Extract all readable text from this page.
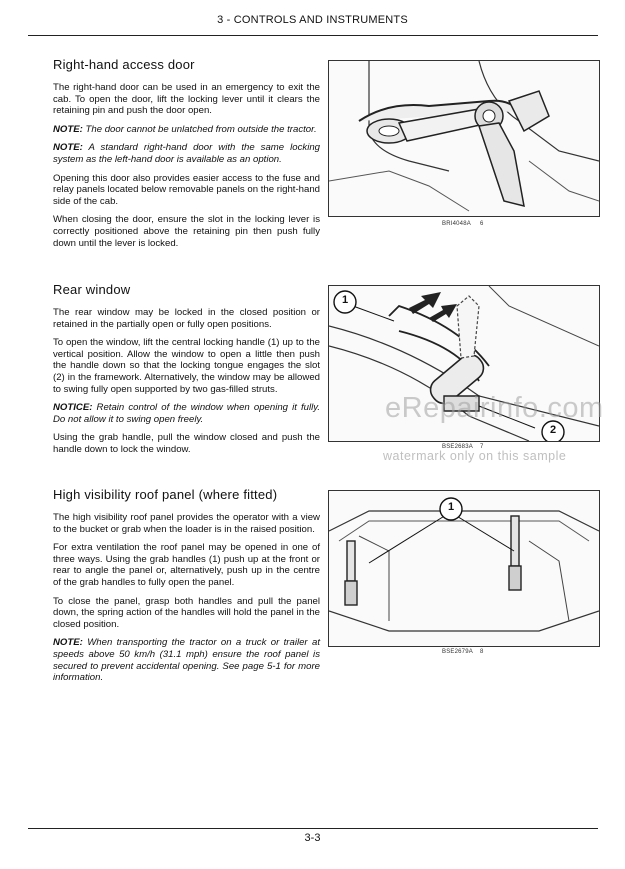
3 - CONTROLS AND INSTRUMENTS
Right-hand access door

The right-hand door can be used in an emergency to exit the cab. To open the door, lift the locking lever until it clears the retaining pin and push the door open.

NOTE: The door cannot be unlatched from outside the tractor.

NOTE: A standard right-hand door with the same locking system as the left-hand door is available as an option.

Opening this door also provides easier access to the fuse and relay panels located below removable panels on the right-hand side of the cab.

When closing the door, ensure the slot in the locking lever is correctly positioned above the retaining pin then push fully down until the lever is locked.

Rear window

The rear window may be locked in the closed position or retained in the partially open or fully open positions.

To open the window, lift the central locking handle (1) up to the vertical position. Allow the window to open a little then push the handle down so that the locking tongue engages the slot (2) in the framework. Alternatively, the window may be allowed to swing fully open supported by two gas-filled struts.

NOTICE: Retain control of the window when opening it fully. Do not allow it to swing open freely.

Using the grab handle, pull the window closed and push the handle down to lock the window.

High visibility roof panel (where fitted)

The high visibility roof panel provides the operator with a view to the bucket or grab when the loader is in the raised position.

For extra ventilation the roof panel may be opened in one of three ways. Using the grab handles (1) push up at the front or rear to angle the panel or, alternatively, push up in the centre of the grab handles to fully open the panel.

To close the panel, grasp both handles and pull the panel down, the spring action of the handles will hold the panel in the closed position.

NOTE: When transporting the tractor on a truck or trailer at speeds above 50 km/h (31.1 mph) ensure the roof panel is secured to prevent accidental opening. See page 5-1 for more information.

BRI4048A 6
1
2
BSE2683A 7
1
BSE2679A 8
eRepairinfo.com
watermark only on this sample
3-3
